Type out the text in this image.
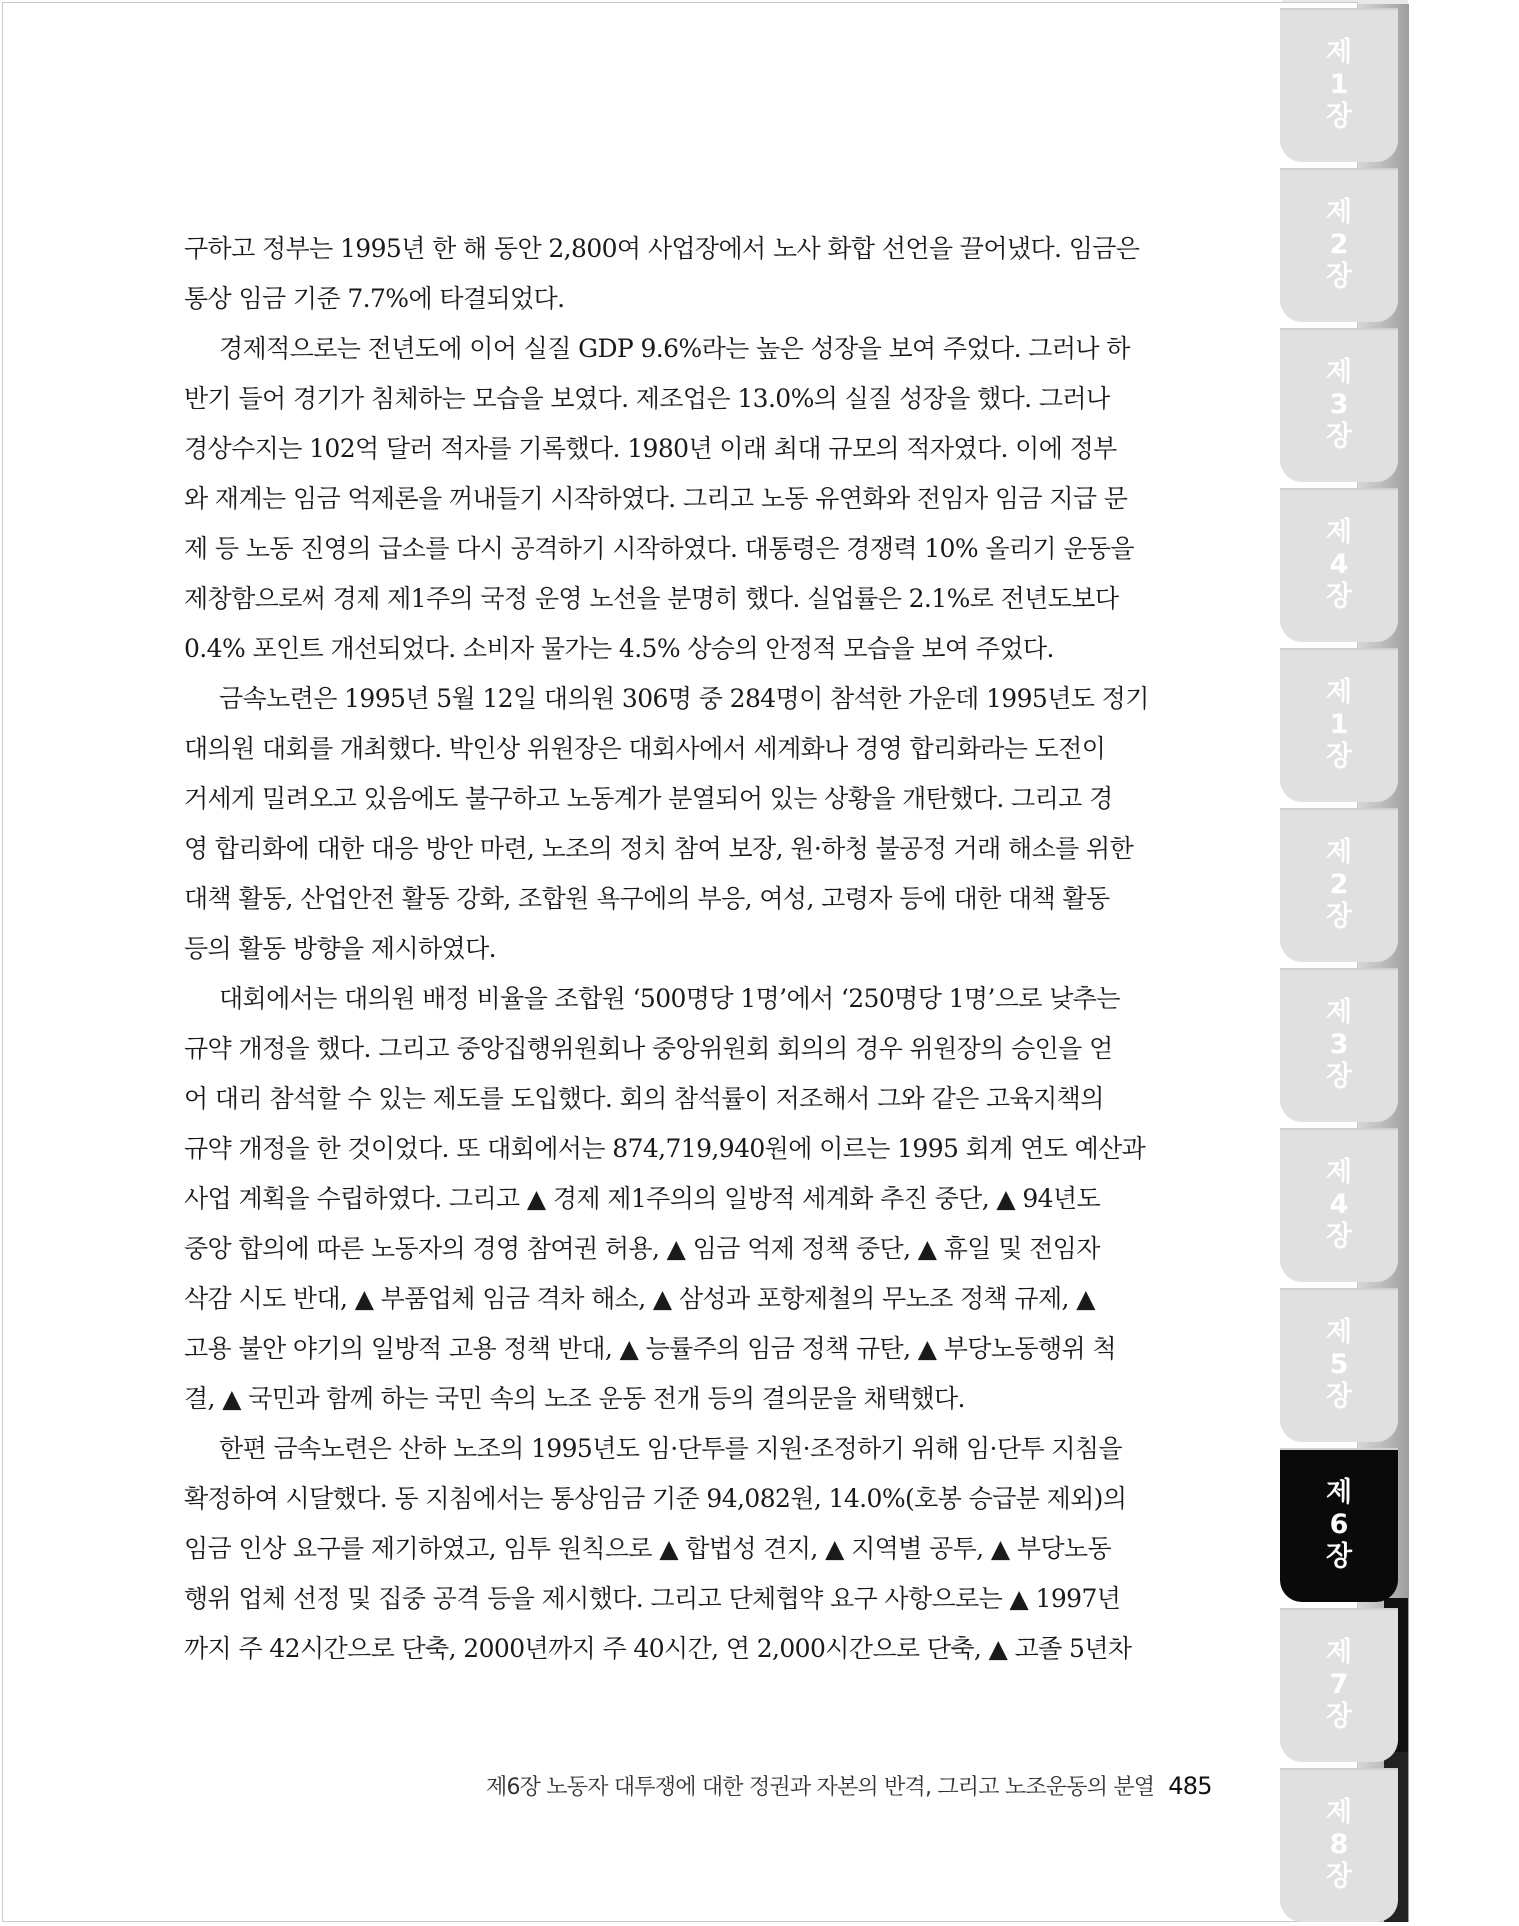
제
1
장
제
2
장
제
3
장
제
4
장
제
1
장
제
2
장
제
3
장
제
4
장
제
5
장
제
6
장
제
7
장
제
8
장
구하고 정부는 1995년 한 해 동안 2,800여 사업장에서 노사 화합 선언을 끌어냈다. 임금은
통상 임금 기준 7.7%에 타결되었다.
경제적으로는 전년도에 이어 실질 GDP 9.6%라는 높은 성장을 보여 주었다. 그러나 하
반기 들어 경기가 침체하는 모습을 보였다. 제조업은 13.0%의 실질 성장을 했다. 그러나
경상수지는 102억 달러 적자를 기록했다. 1980년 이래 최대 규모의 적자였다. 이에 정부
와 재계는 임금 억제론을 꺼내들기 시작하였다. 그리고 노동 유연화와 전임자 임금 지급 문
제 등 노동 진영의 급소를 다시 공격하기 시작하였다. 대통령은 경쟁력 10% 올리기 운동을
제창함으로써 경제 제1주의 국정 운영 노선을 분명히 했다. 실업률은 2.1%로 전년도보다
0.4% 포인트 개선되었다. 소비자 물가는 4.5% 상승의 안정적 모습을 보여 주었다.
금속노련은 1995년 5월 12일 대의원 306명 중 284명이 참석한 가운데 1995년도 정기
대의원 대회를 개최했다. 박인상 위원장은 대회사에서 세계화나 경영 합리화라는 도전이
거세게 밀려오고 있음에도 불구하고 노동계가 분열되어 있는 상황을 개탄했다. 그리고 경
영 합리화에 대한 대응 방안 마련, 노조의 정치 참여 보장, 원·하청 불공정 거래 해소를 위한
대책 활동, 산업안전 활동 강화, 조합원 욕구에의 부응, 여성, 고령자 등에 대한 대책 활동
등의 활동 방향을 제시하였다.
대회에서는 대의원 배정 비율을 조합원 ‘500명당 1명’에서 ‘250명당 1명’으로 낮추는
규약 개정을 했다. 그리고 중앙집행위원회나 중앙위원회 회의의 경우 위원장의 승인을 얻
어 대리 참석할 수 있는 제도를 도입했다. 회의 참석률이 저조해서 그와 같은 고육지책의
규약 개정을 한 것이었다. 또 대회에서는 874,719,940원에 이르는 1995 회계 연도 예산과
사업 계획을 수립하였다. 그리고 ▲ 경제 제1주의의 일방적 세계화 추진 중단, ▲ 94년도
중앙 합의에 따른 노동자의 경영 참여권 허용, ▲ 임금 억제 정책 중단, ▲ 휴일 및 전임자
삭감 시도 반대, ▲ 부품업체 임금 격차 해소, ▲ 삼성과 포항제철의 무노조 정책 규제, ▲
고용 불안 야기의 일방적 고용 정책 반대, ▲ 능률주의 임금 정책 규탄, ▲ 부당노동행위 척
결, ▲ 국민과 함께 하는 국민 속의 노조 운동 전개 등의 결의문을 채택했다.
한편 금속노련은 산하 노조의 1995년도 임·단투를 지원·조정하기 위해 임·단투 지침을
확정하여 시달했다. 동 지침에서는 통상임금 기준 94,082원, 14.0%(호봉 승급분 제외)의
임금 인상 요구를 제기하였고, 임투 원칙으로 ▲ 합법성 견지, ▲ 지역별 공투, ▲ 부당노동
행위 업체 선정 및 집중 공격 등을 제시했다. 그리고 단체협약 요구 사항으로는 ▲ 1997년
까지 주 42시간으로 단축, 2000년까지 주 40시간, 연 2,000시간으로 단축, ▲ 고졸 5년차
제6장 노동자 대투쟁에 대한 정권과 자본의 반격, 그리고 노조운동의 분열 485
